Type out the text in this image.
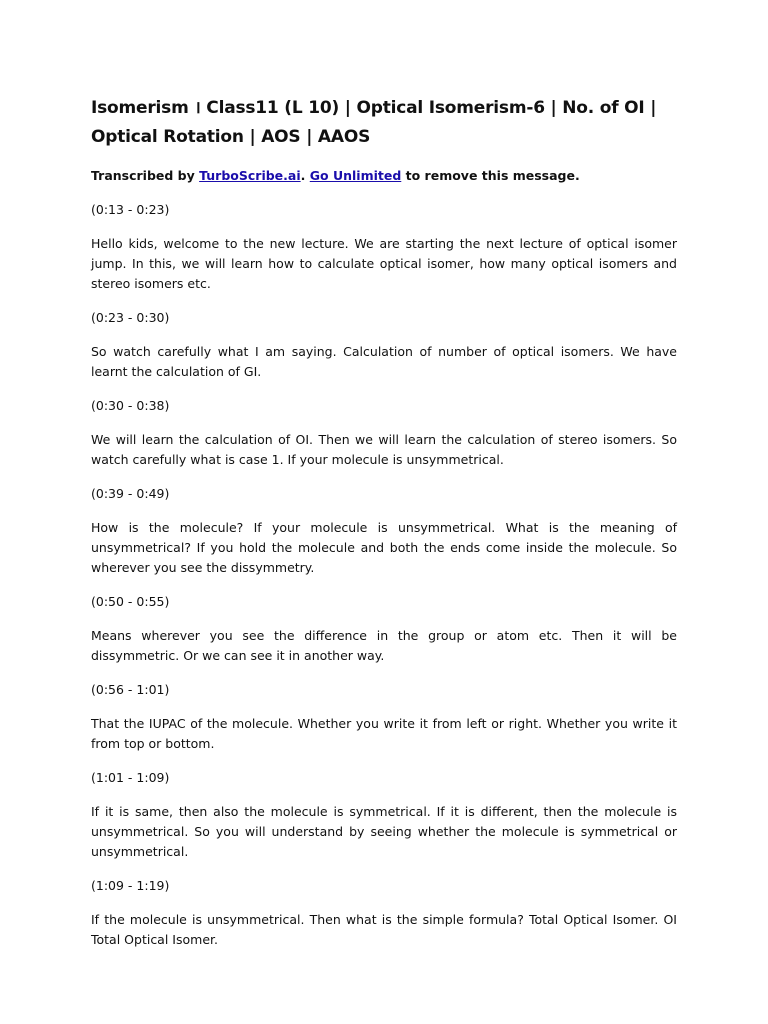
Isomerism । Class11 (L 10) | Optical Isomerism-6 | No. of OI | Optical Rotation | AOS | AAOS

Transcribed by TurboScribe.ai. Go Unlimited to remove this message.

(0:13 - 0:23)

Hello kids, welcome to the new lecture. We are starting the next lecture of optical isomer jump. In this, we will learn how to calculate optical isomer, how many optical isomers and stereo isomers etc.

(0:23 - 0:30)

So watch carefully what I am saying. Calculation of number of optical isomers. We have learnt the calculation of GI.

(0:30 - 0:38)

We will learn the calculation of OI. Then we will learn the calculation of stereo isomers. So watch carefully what is case 1. If your molecule is unsymmetrical.

(0:39 - 0:49)

How is the molecule? If your molecule is unsymmetrical. What is the meaning of unsymmetrical? If you hold the molecule and both the ends come inside the molecule. So wherever you see the dissymmetry.

(0:50 - 0:55)

Means wherever you see the difference in the group or atom etc. Then it will be dissymmetric. Or we can see it in another way.

(0:56 - 1:01)

That the IUPAC of the molecule. Whether you write it from left or right. Whether you write it from top or bottom.

(1:01 - 1:09)

If it is same, then also the molecule is symmetrical. If it is different, then the molecule is unsymmetrical. So you will understand by seeing whether the molecule is symmetrical or unsymmetrical.

(1:09 - 1:19)

If the molecule is unsymmetrical. Then what is the simple formula? Total Optical Isomer. OI Total Optical Isomer.
